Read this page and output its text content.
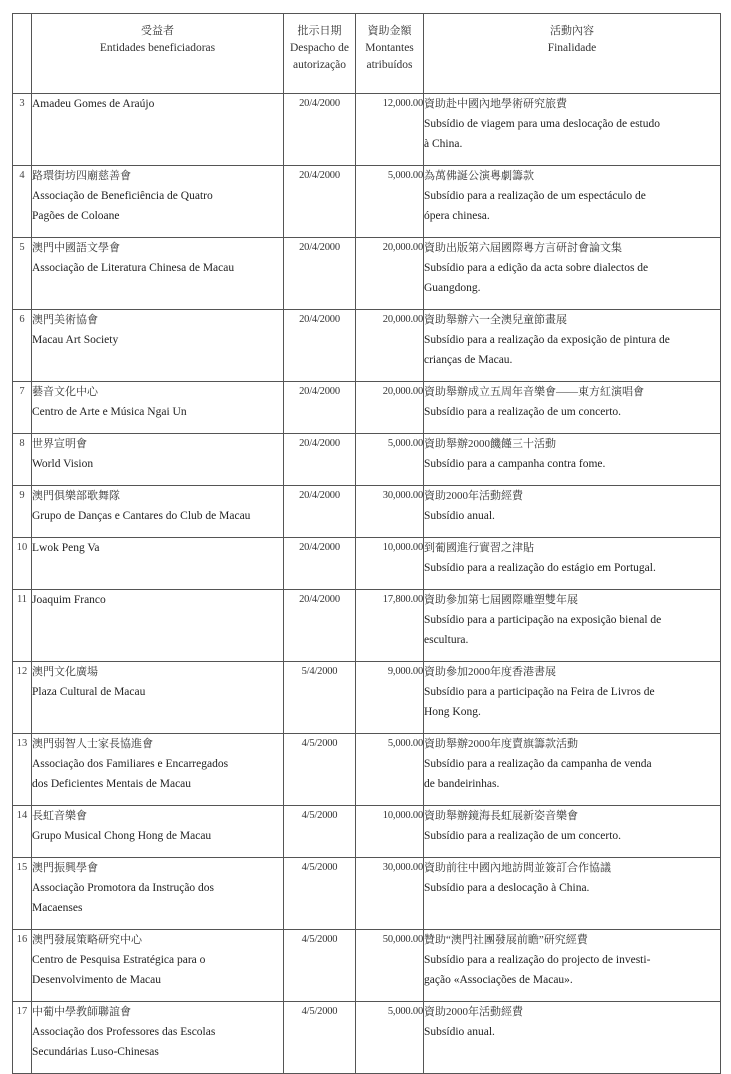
	受益者
Entidades beneficiadoras	批示日期
Despacho de
autorização	資助金額
Montantes
atribuídos	活動內容
Finalidade

3	Amadeu Gomes de Araújo	20/4/2000	12,000.00	資助赴中國內地學術研究旅費
Subsídio de viagem para uma deslocação de estudo
à China.

4	路環街坊四廟慈善會
Associação de Beneficiência de Quatro
Pagões de Coloane	20/4/2000	5,000.00	為萬佛誕公演粵劇籌款
Subsídio para a realização de um espectáculo de
ópera chinesa.

5	澳門中國語文學會
Associação de Literatura Chinesa de Macau	20/4/2000	20,000.00	資助出版第六屆國際粵方言研討會論文集
Subsídio para a edição da acta sobre dialectos de
Guangdong.

6	澳門美術協會
Macau Art Society	20/4/2000	20,000.00	資助舉辦六一全澳兒童節畫展
Subsídio para a realização da exposição de pintura de
crianças de Macau.

7	藝音文化中心
Centro de Arte e Música Ngai Un	20/4/2000	20,000.00	資助舉辦成立五周年音樂會——東方紅演唱會
Subsídio para a realização de um concerto.

8	世界宣明會
World Vision	20/4/2000	5,000.00	資助舉辦2000饑饉三十活動
Subsídio para a campanha contra fome.

9	澳門俱樂部歌舞隊
Grupo de Danças e Cantares do Club de Macau	20/4/2000	30,000.00	資助2000年活動經費
Subsídio anual.

10	Lwok Peng Va	20/4/2000	10,000.00	到葡國進行實習之津貼
Subsídio para a realização do estágio em Portugal.

11	Joaquim Franco	20/4/2000	17,800.00	資助參加第七屆國際雕塑雙年展
Subsídio para a participação na exposição bienal de
escultura.

12	澳門文化廣場
Plaza Cultural de Macau	5/4/2000	9,000.00	資助參加2000年度香港書展
Subsídio para a participação na Feira de Livros de
Hong Kong.

13	澳門弱智人士家長協進會
Associação dos Familiares e Encarregados
dos Deficientes Mentais de Macau	4/5/2000	5,000.00	資助舉辦2000年度賣旗籌款活動
Subsídio para a realização da campanha de venda
de bandeirinhas.

14	長虹音樂會
Grupo Musical Chong Hong de Macau	4/5/2000	10,000.00	資助舉辦鏡海長虹展新姿音樂會
Subsídio para a realização de um concerto.

15	澳門振興學會
Associação Promotora da Instrução dos
Macaenses	4/5/2000	30,000.00	資助前往中國內地訪問並簽訂合作協議
Subsídio para a deslocação à China.

16	澳門發展策略研究中心
Centro de Pesquisa Estratégica para o
Desenvolvimento de Macau	4/5/2000	50,000.00	贊助“澳門社團發展前瞻”研究經費
Subsídio para a realização do projecto de investi-
gação «Associações de Macau».

17	中葡中學教師聯誼會
Associação dos Professores das Escolas
Secundárias Luso-Chinesas	4/5/2000	5,000.00	資助2000年活動經費
Subsídio anual.
